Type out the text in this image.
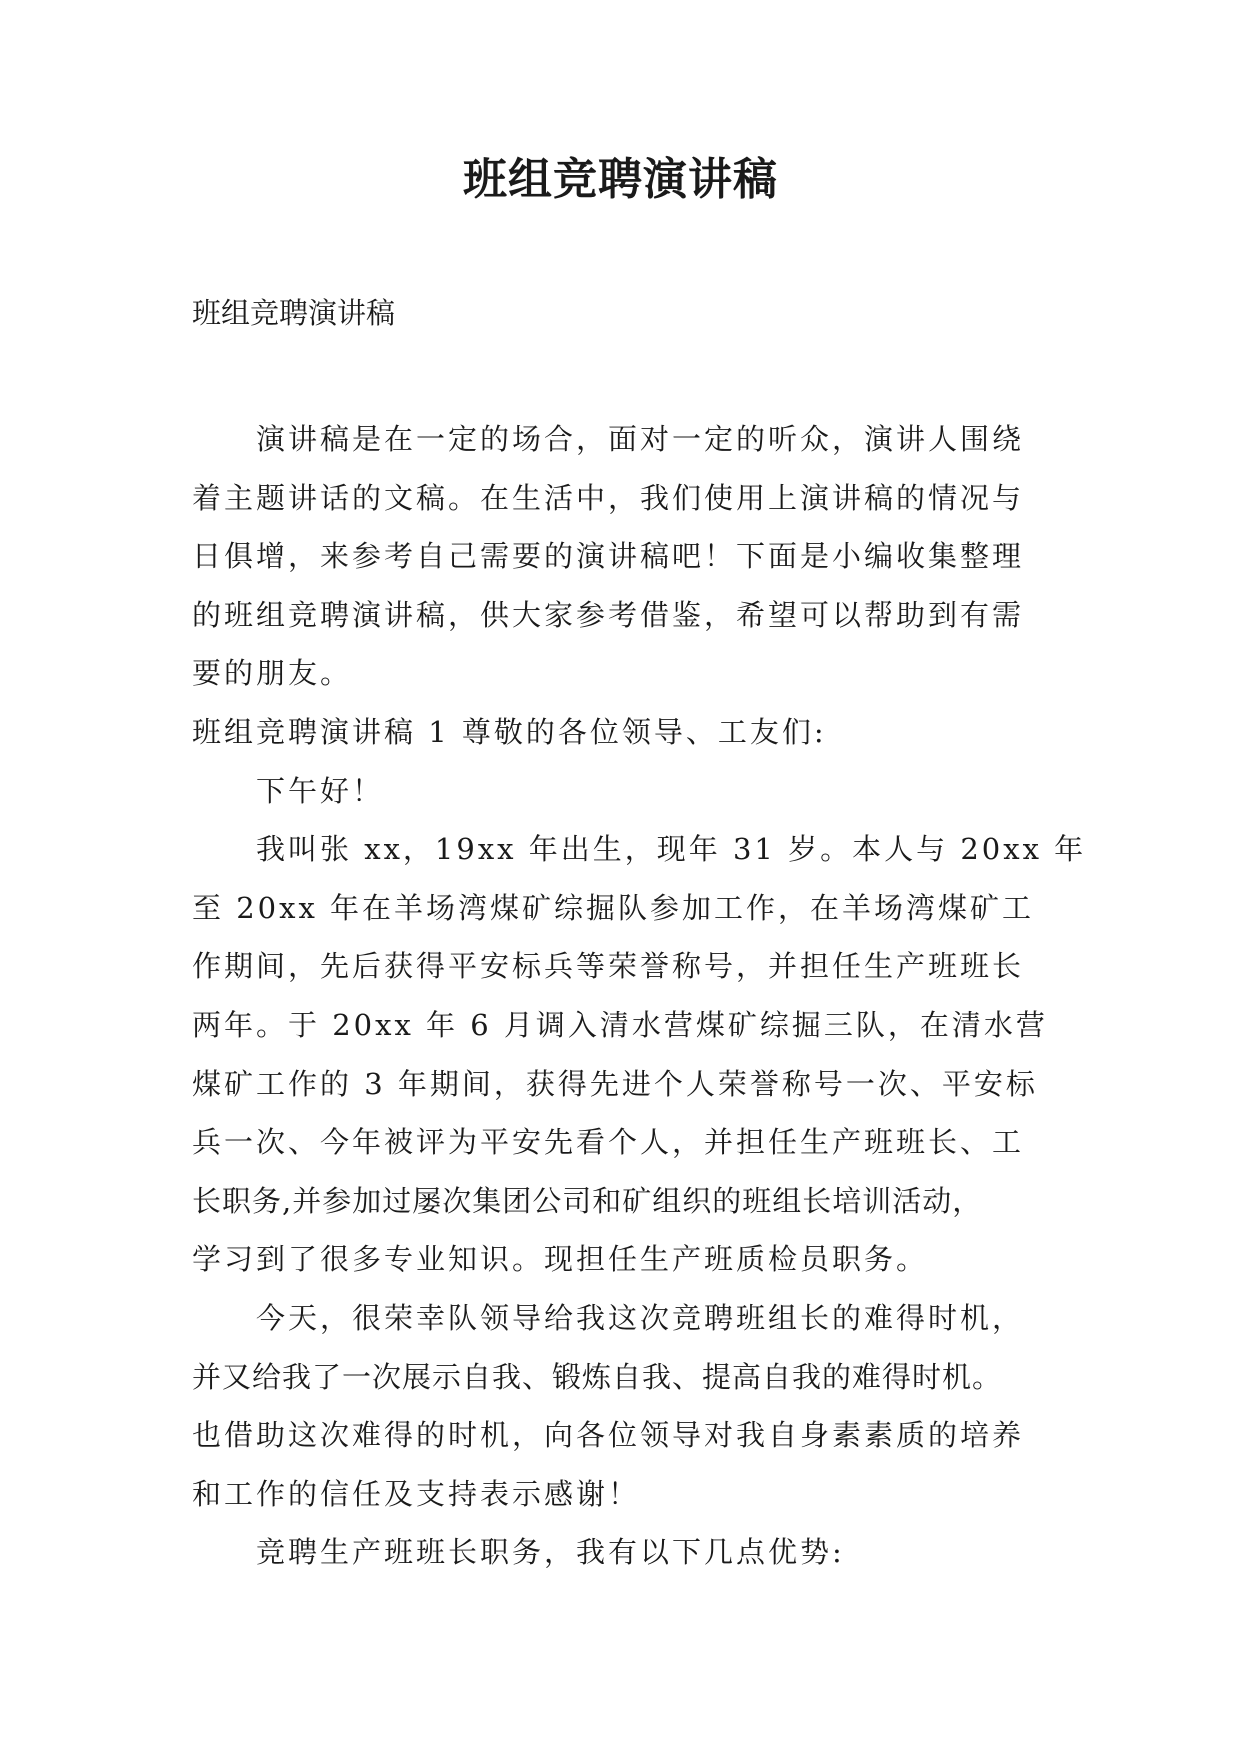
班组竞聘演讲稿

班组竞聘演讲稿

演讲稿是在一定的场合，面对一定的听众，演讲人围绕
着主题讲话的文稿。在生活中，我们使用上演讲稿的情况与
日俱增，来参考自己需要的演讲稿吧！下面是小编收集整理
的班组竞聘演讲稿，供大家参考借鉴，希望可以帮助到有需
要的朋友。
班组竞聘演讲稿 1 尊敬的各位领导、工友们:
下午好！
我叫张 xx，19xx 年出生，现年 31 岁。本人与 20xx 年
至 20xx 年在羊场湾煤矿综掘队参加工作，在羊场湾煤矿工
作期间，先后获得平安标兵等荣誉称号，并担任生产班班长
两年。于 20xx 年 6 月调入清水营煤矿综掘三队，在清水营
煤矿工作的 3 年期间，获得先进个人荣誉称号一次、平安标
兵一次、今年被评为平安先看个人，并担任生产班班长、工
长职务,并参加过屡次集团公司和矿组织的班组长培训活动，
学习到了很多专业知识。现担任生产班质检员职务。
今天，很荣幸队领导给我这次竞聘班组长的难得时机，
并又给我了一次展示自我、锻炼自我、提高自我的难得时机。
也借助这次难得的时机，向各位领导对我自身素素质的培养
和工作的信任及支持表示感谢！
竞聘生产班班长职务，我有以下几点优势:
